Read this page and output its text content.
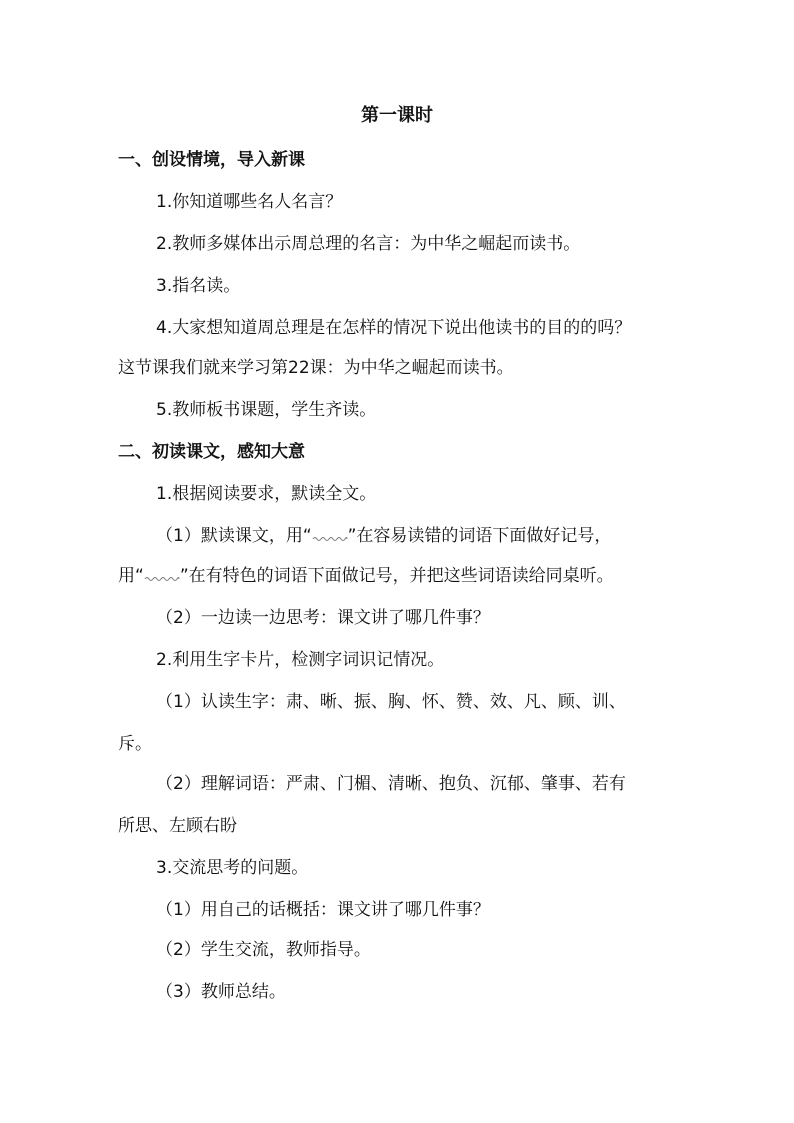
第一课时
一、创设情境，导入新课
1.你知道哪些名人名言？
2.教师多媒体出示周总理的名言：为中华之崛起而读书。
3.指名读。
4.大家想知道周总理是在怎样的情况下说出他读书的目的的吗？
这节课我们就来学习第22课：为中华之崛起而读书。
5.教师板书课题，学生齐读。
二、初读课文，感知大意
1.根据阅读要求，默读全文。
（1）默读课文，用“ ”在容易读错的词语下面做好记号，
用“ ”在有特色的词语下面做记号，并把这些词语读给同桌听。
（2）一边读一边思考：课文讲了哪几件事？
2.利用生字卡片，检测字词识记情况。
（1）认读生字：肃、晰、振、胸、怀、赞、效、凡、顾、训、
斥。
（2）理解词语：严肃、门楣、清晰、抱负、沉郁、肇事、若有
所思、左顾右盼
3.交流思考的问题。
（1）用自己的话概括：课文讲了哪几件事？
（2）学生交流，教师指导。
（3）教师总结。
